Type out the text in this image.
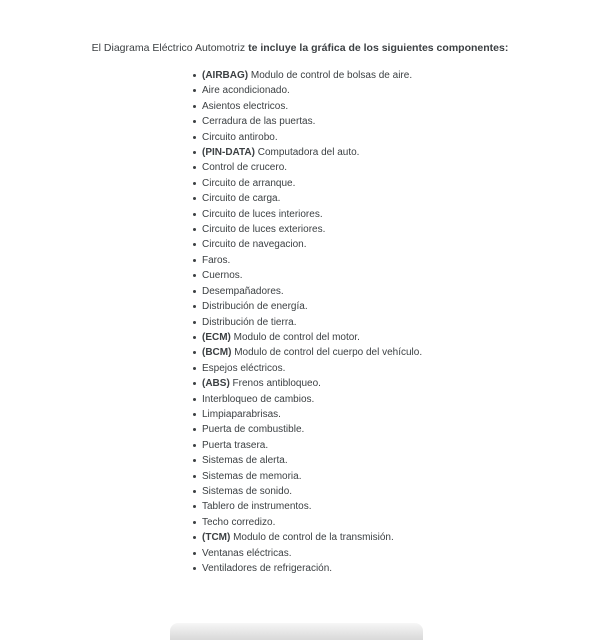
El Diagrama Eléctrico Automotriz te incluye la gráfica de los siguientes componentes:
(AIRBAG) Modulo de control de bolsas de aire.
Aire acondicionado.
Asientos electricos.
Cerradura de las puertas.
Circuito antirobo.
(PIN-DATA) Computadora del auto.
Control de crucero.
Circuito de arranque.
Circuito de carga.
Circuito de luces interiores.
Circuito de luces exteriores.
Circuito de navegacion.
Faros.
Cuernos.
Desempañadores.
Distribución de energía.
Distribución de tierra.
(ECM) Modulo de control del motor.
(BCM) Modulo de control del cuerpo del vehículo.
Espejos eléctricos.
(ABS) Frenos antibloqueo.
Interbloqueo de cambios.
Limpiaparabrisas.
Puerta de combustible.
Puerta trasera.
Sistemas de alerta.
Sistemas de memoria.
Sistemas de sonido.
Tablero de instrumentos.
Techo corredizo.
(TCM) Modulo de control de la transmisión.
Ventanas eléctricas.
Ventiladores de refrigeración.
